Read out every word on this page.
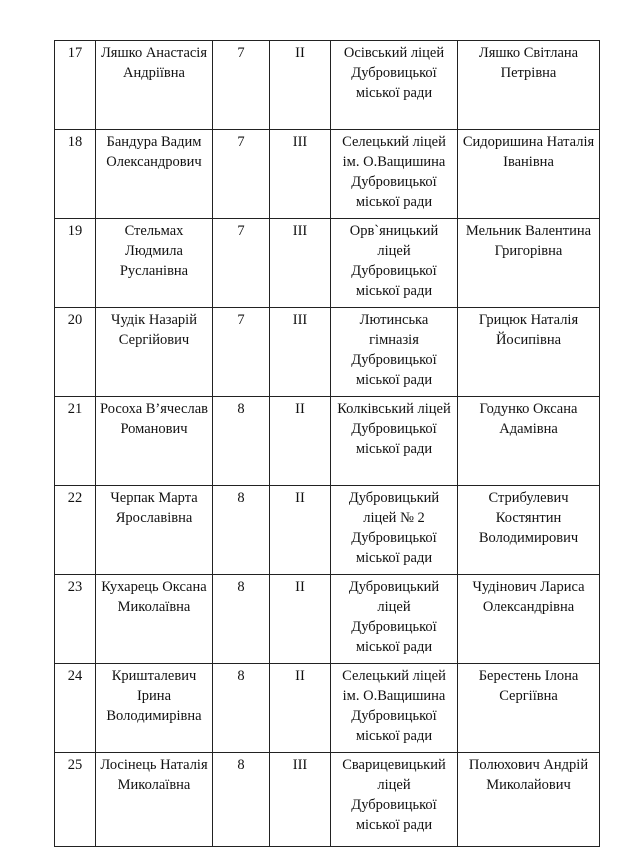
17	Ляшко Анастасія Андріївна	7	ІІ	Осівський ліцей Дубровицької міської ради	Ляшко Світлана Петрівна
18	Бандура Вадим Олександрович	7	ІІІ	Селецький ліцей ім. О.Ващишина Дубровицької міської ради	Сидоришина Наталія Іванівна
19	Стельмах Людмила Русланівна	7	ІІІ	Орв`яницький ліцей Дубровицької міської ради	Мельник Валентина Григорівна
20	Чудік Назарій Сергійович	7	ІІІ	Лютинська гімназія Дубровицької міської ради	Грицюк Наталія Йосипівна
21	Росоха В’ячеслав Романович	8	ІІ	Колківський ліцей Дубровицької міської ради	Годунко Оксана Адамівна
22	Черпак Марта Ярославівна	8	ІІ	Дубровицький ліцей № 2 Дубровицької міської ради	Стрибулевич Костянтин Володимирович
23	Кухарець Оксана Миколаївна	8	ІІ	Дубровицький ліцей Дубровицької міської ради	Чудінович Лариса Олександрівна
24	Кришталевич Ірина Володимирівна	8	ІІ	Селецький ліцей ім. О.Ващишина Дубровицької міської ради	Берестень Ілона Сергіївна
25	Лосінець Наталія Миколаївна	8	ІІІ	Сварицевицький ліцей Дубровицької міської ради	Полюхович Андрій Миколайович
